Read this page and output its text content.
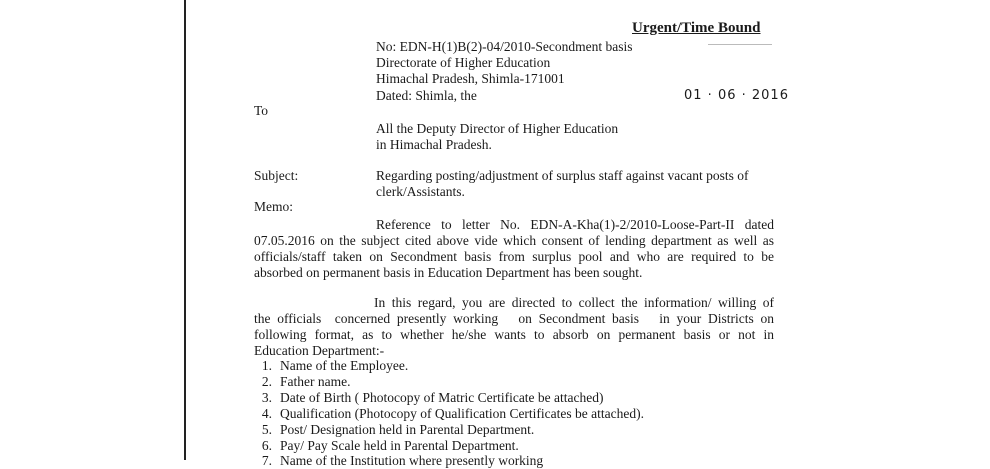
Urgent/Time Bound
No: EDN-H(1)B(2)-04/2010-Secondment basis
Directorate of Higher Education
Himachal Pradesh, Shimla-171001
Dated: Shimla, the	01 · 06 · 2016
To
All the Deputy Director of Higher Education
in Himachal Pradesh.
Subject:	Regarding posting/adjustment of surplus staff against vacant posts of
clerk/Assistants.
Memo:
Reference to letter No. EDN-A-Kha(1)-2/2010-Loose-Part-II dated
07.05.2016 on the subject cited above vide which consent of lending department as well as
officials/staff taken on Secondment basis from surplus pool and who are required to be
absorbed on permanent basis in Education Department has been sought.
In this regard, you are directed to collect the information/ willing of
the officials  concerned presently working   on Secondment basis   in your Districts on
following format, as to whether he/she wants to absorb on permanent basis or not in
Education Department:-
1. Name of the Employee.
2. Father name.
3. Date of Birth ( Photocopy of Matric Certificate be attached)
4. Qualification (Photocopy of Qualification Certificates be attached).
5. Post/ Designation held in Parental Department.
6. Pay/ Pay Scale held in Parental Department.
7. Name of the Institution where presently working
